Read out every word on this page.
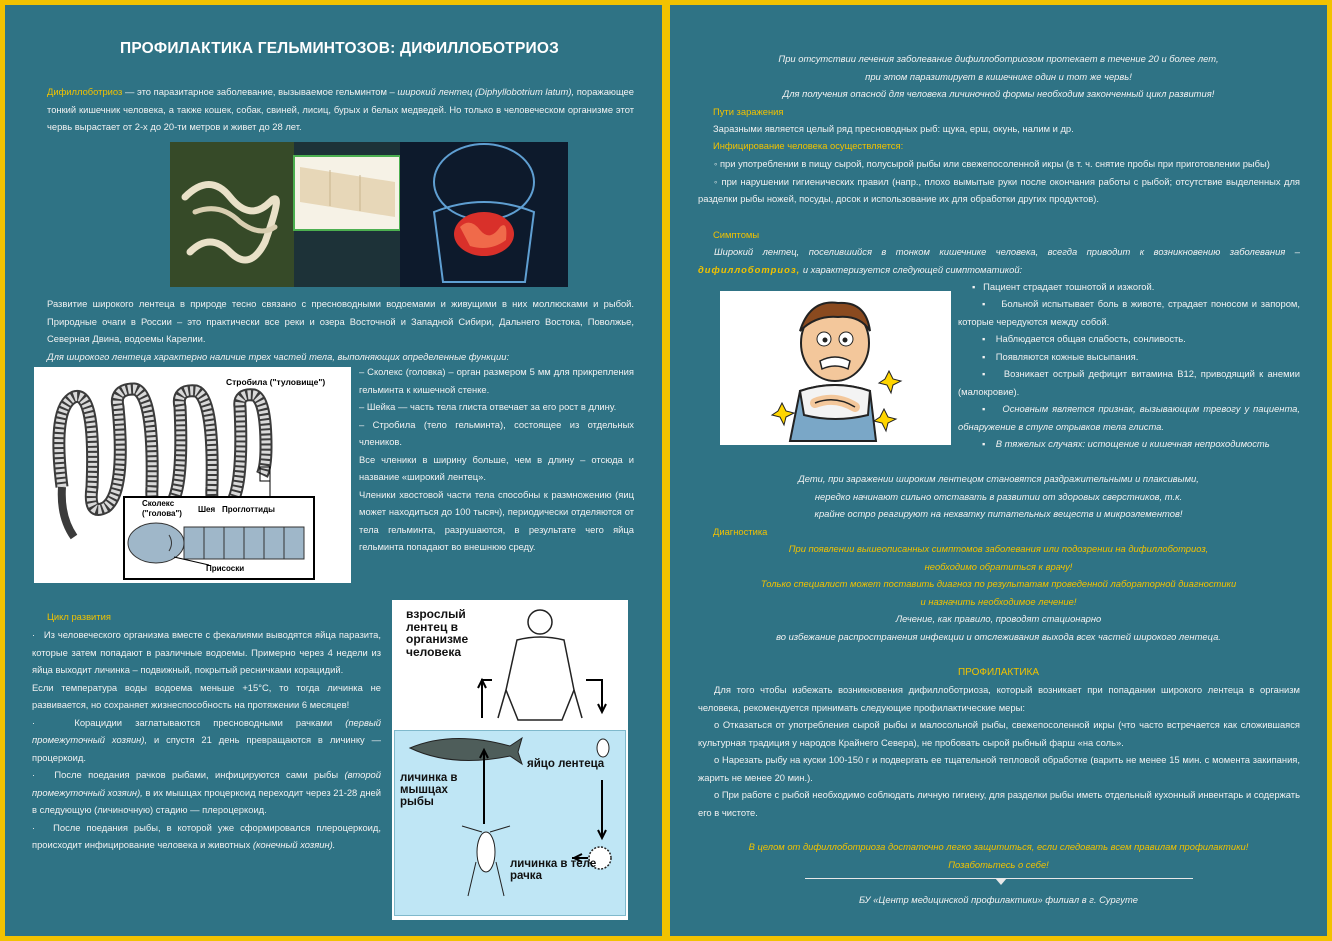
ПРОФИЛАКТИКА ГЕЛЬМИНТОЗОВ: ДИФИЛЛОБОТРИОЗ
Дифиллоботриоз — это паразитарное заболевание, вызываемое гельминтом – широкий лентец (Diphyllobotrium latum), поражающее тонкий кишечник человека, а также кошек, собак, свиней, лисиц, бурых и белых медведей. Но только в человеческом организме этот червь вырастает от 2-х до 20-ти метров и живет до 28 лет.
Развитие широкого лентеца в природе тесно связано с пресноводными водоемами и живущими в них моллюсками и рыбой. Природные очаги в России – это практически все реки и озера Восточной и Западной Сибири, Дальнего Востока, Поволжье, Северная Двина, водоемы Карелии.
Для широкого лентеца характерно наличие трех частей тела, выполняющих определенные функции:
Стробила ("туловище")
Сколекс ("голова")	Шея Проглоттиды
Присоски
– Сколекс (головка) – орган размером 5 мм для прикрепления гельминта к кишечной стенке.
– Шейка — часть тела глиста отвечает за его рост в длину.
– Стробила (тело гельминта), состоящее из отдельных члеников.
Все членики в ширину больше, чем в длину – отсюда и название «широкий лентец».
Членики хвостовой части тела способны к размножению (яиц может находиться до 100 тысяч), периодически отделяются от тела гельминта, разрушаются, в результате чего яйца гельминта попадают во внешнюю среду.
Цикл развития
·   Из человеческого организма вместе с фекалиями выводятся яйца паразита, которые затем попадают в различные водоемы. Примерно через 4 недели из яйца выходит личинка – подвижный, покрытый ресничками корацидий.
Если температура воды водоема меньше +15°С, то тогда личинка не развивается, но сохраняет жизнеспособность на протяжении 6 месяцев!
·   Корацидии заглатываются пресноводными рачками (первый промежуточный хозяин), и спустя 21 день превращаются в личинку — процеркоид.
·   После поедания рачков рыбами, инфицируются сами рыбы (второй промежуточный хозяин), в их мышцах процеркоид переходит через 21-28 дней в следующую (личиночную) стадию — плероцеркоид.
·   После поедания рыбы, в которой уже сформировался плероцеркоид, происходит инфицирование человека и животных (конечный хозяин).
взрослый лентец в организме человека
яйцо лентеца
личинка в мышцах рыбы
личинка в теле рачка
При отсутствии лечения заболевание дифиллоботриозом протекает в течение 20 и более лет,
при этом паразитирует в кишечнике один и тот же червь!
Для получения опасной для человека личиночной формы необходим законченный цикл развития!
Пути заражения
Заразными является целый ряд пресноводных рыб: щука, ерш, окунь, налим и др.
Инфицирование человека осуществляется:
◦ при употреблении в пищу сырой, полусырой рыбы или свежепосоленной икры (в т. ч. снятие пробы при приготовлении рыбы)
◦ при нарушении гигиенических правил (напр., плохо вымытые руки после окончания работы с рыбой; отсутствие выделенных для разделки рыбы ножей, посуды, досок и использование их для обработки других продуктов).
Симптомы
Широкий лентец, поселившийся в тонком кишечнике человека, всегда приводит к возникновению заболевания – дифиллоботриоз, и характеризуется следующей симптоматикой:
▪   Пациент страдает тошнотой и изжогой.
▪    Больной испытывает боль в животе, страдает поносом и запором, которые чередуются между собой.
▪    Наблюдается общая слабость, сонливость.
▪    Появляются кожные высыпания.
▪    Возникает острый дефицит витамина В12, приводящий к анемии (малокровие).
▪    Основным является признак, вызывающим тревогу у пациента, обнаружение в стуле отрывков тела глиста.
▪    В тяжелых случаях: истощение и кишечная непроходимость
Дети, при заражении широким лентецом становятся раздражительными и плаксивыми,
нередко начинают сильно отставать в развитии от здоровых сверстников, т.к.
крайне остро реагируют на нехватку питательных веществ и микроэлементов!
Диагностика
При появлении вышеописанных симптомов заболевания или подозрении на дифиллоботриоз,
необходимо обратиться к врачу!
Только специалист может поставить диагноз по результатам проведенной лабораторной диагностики
и назначить необходимое лечение!
Лечение, как правило, проводят стационарно
во избежание распространения инфекции и отслеживания выхода всех частей широкого лентеца.
ПРОФИЛАКТИКА
Для того чтобы избежать возникновения дифиллоботриоза, который возникает при попадании широкого лентеца в организм человека, рекомендуется принимать следующие профилактические меры:
o Отказаться от употребления сырой рыбы и малосольной рыбы, свежепосоленной икры (что часто встречается как сложившаяся культурная традиция у народов Крайнего Севера), не пробовать сырой рыбный фарш «на соль».
o Нарезать рыбу на куски 100-150 г и подвергать ее тщательной тепловой обработке (варить не менее 15 мин. с момента закипания, жарить не менее 20 мин.).
o При работе с рыбой необходимо соблюдать личную гигиену, для разделки рыбы иметь отдельный кухонный инвентарь и содержать его в чистоте.
В целом от дифиллоботриоза достаточно легко защититься, если следовать всем правилам профилактики!
Позаботьтесь о себе!
БУ «Центр медицинской профилактики» филиал в г. Сургуте
